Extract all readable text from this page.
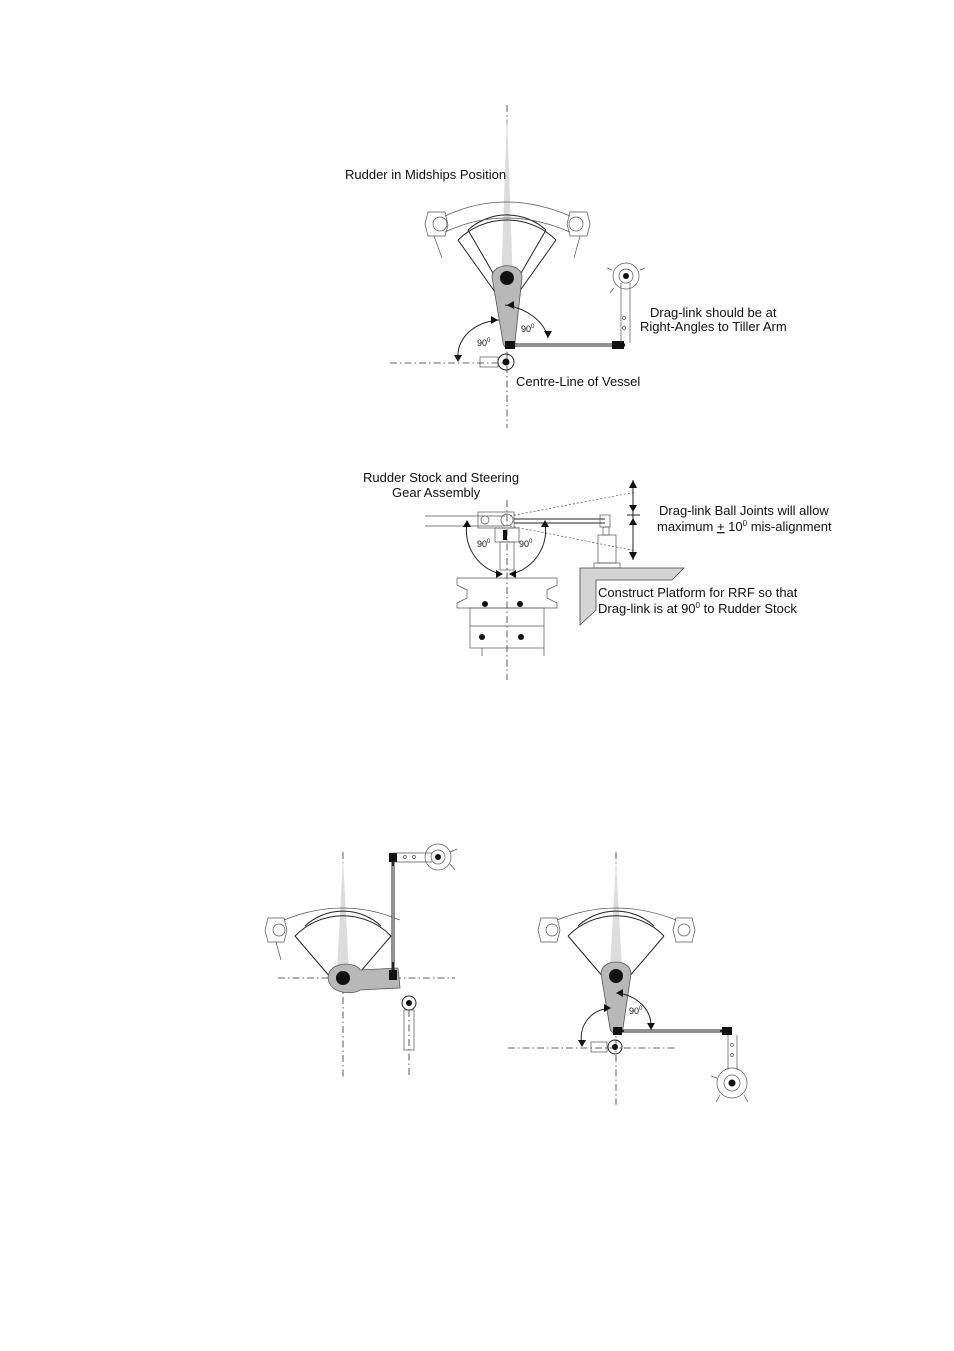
$90^0$
$90^0$
Rudder in Midships Position
Drag-link should be at
Right-Angles to Tiller Arm
Centre-Line of Vessel
$90^0$	$90^0$
Rudder Stock and Steering
Gear Assembly
Drag-link Ball Joints will allow
maximum + $10^0$ mis-alignment
Construct Platform for RRF so that
Drag-link is at $90^0$ to Rudder Stock
$90^0$
